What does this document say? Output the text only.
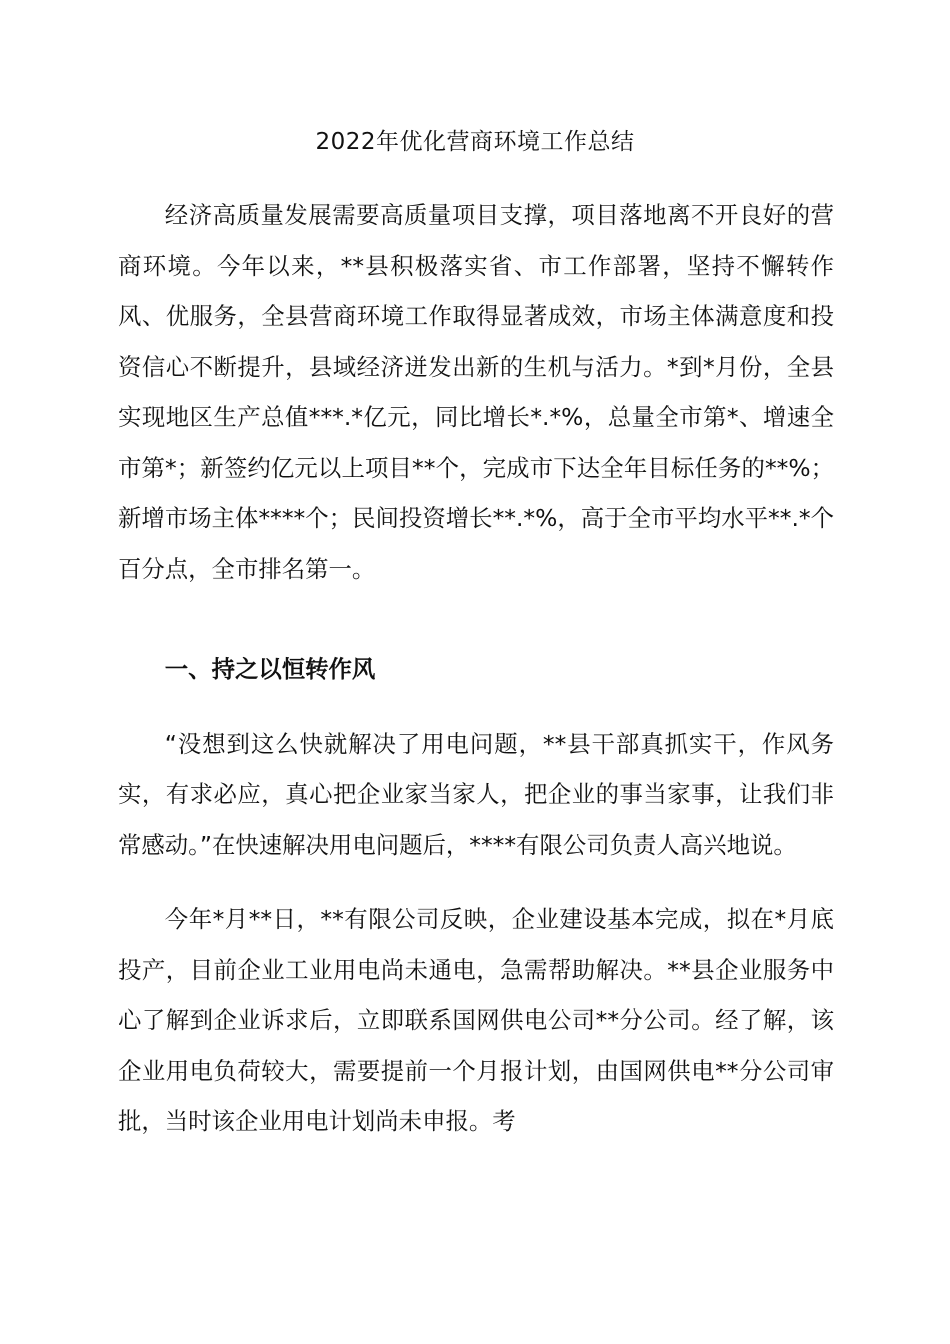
2022年优化营商环境工作总结

经济高质量发展需要高质量项目支撑，项目落地离不开良好的营商环境。今年以来，**县积极落实省、市工作部署，坚持不懈转作风、优服务，全县营商环境工作取得显著成效，市场主体满意度和投资信心不断提升，县域经济迸发出新的生机与活力。*到*月份，全县实现地区生产总值***.*亿元，同比增长*.*%，总量全市第*、增速全市第*；新签约亿元以上项目**个，完成市下达全年目标任务的**%；新增市场主体****个；民间投资增长**.*%，高于全市平均水平**.*个百分点，全市排名第一。

一、持之以恒转作风

“没想到这么快就解决了用电问题，**县干部真抓实干，作风务实，有求必应，真心把企业家当家人，把企业的事当家事，让我们非常感动。”在快速解决用电问题后，****有限公司负责人高兴地说。

今年*月**日，**有限公司反映，企业建设基本完成，拟在*月底投产，目前企业工业用电尚未通电，急需帮助解决。**县企业服务中心了解到企业诉求后，立即联系国网供电公司**分公司。经了解，该企业用电负荷较大，需要提前一个月报计划，由国网供电**分公司审批，当时该企业用电计划尚未申报。考
